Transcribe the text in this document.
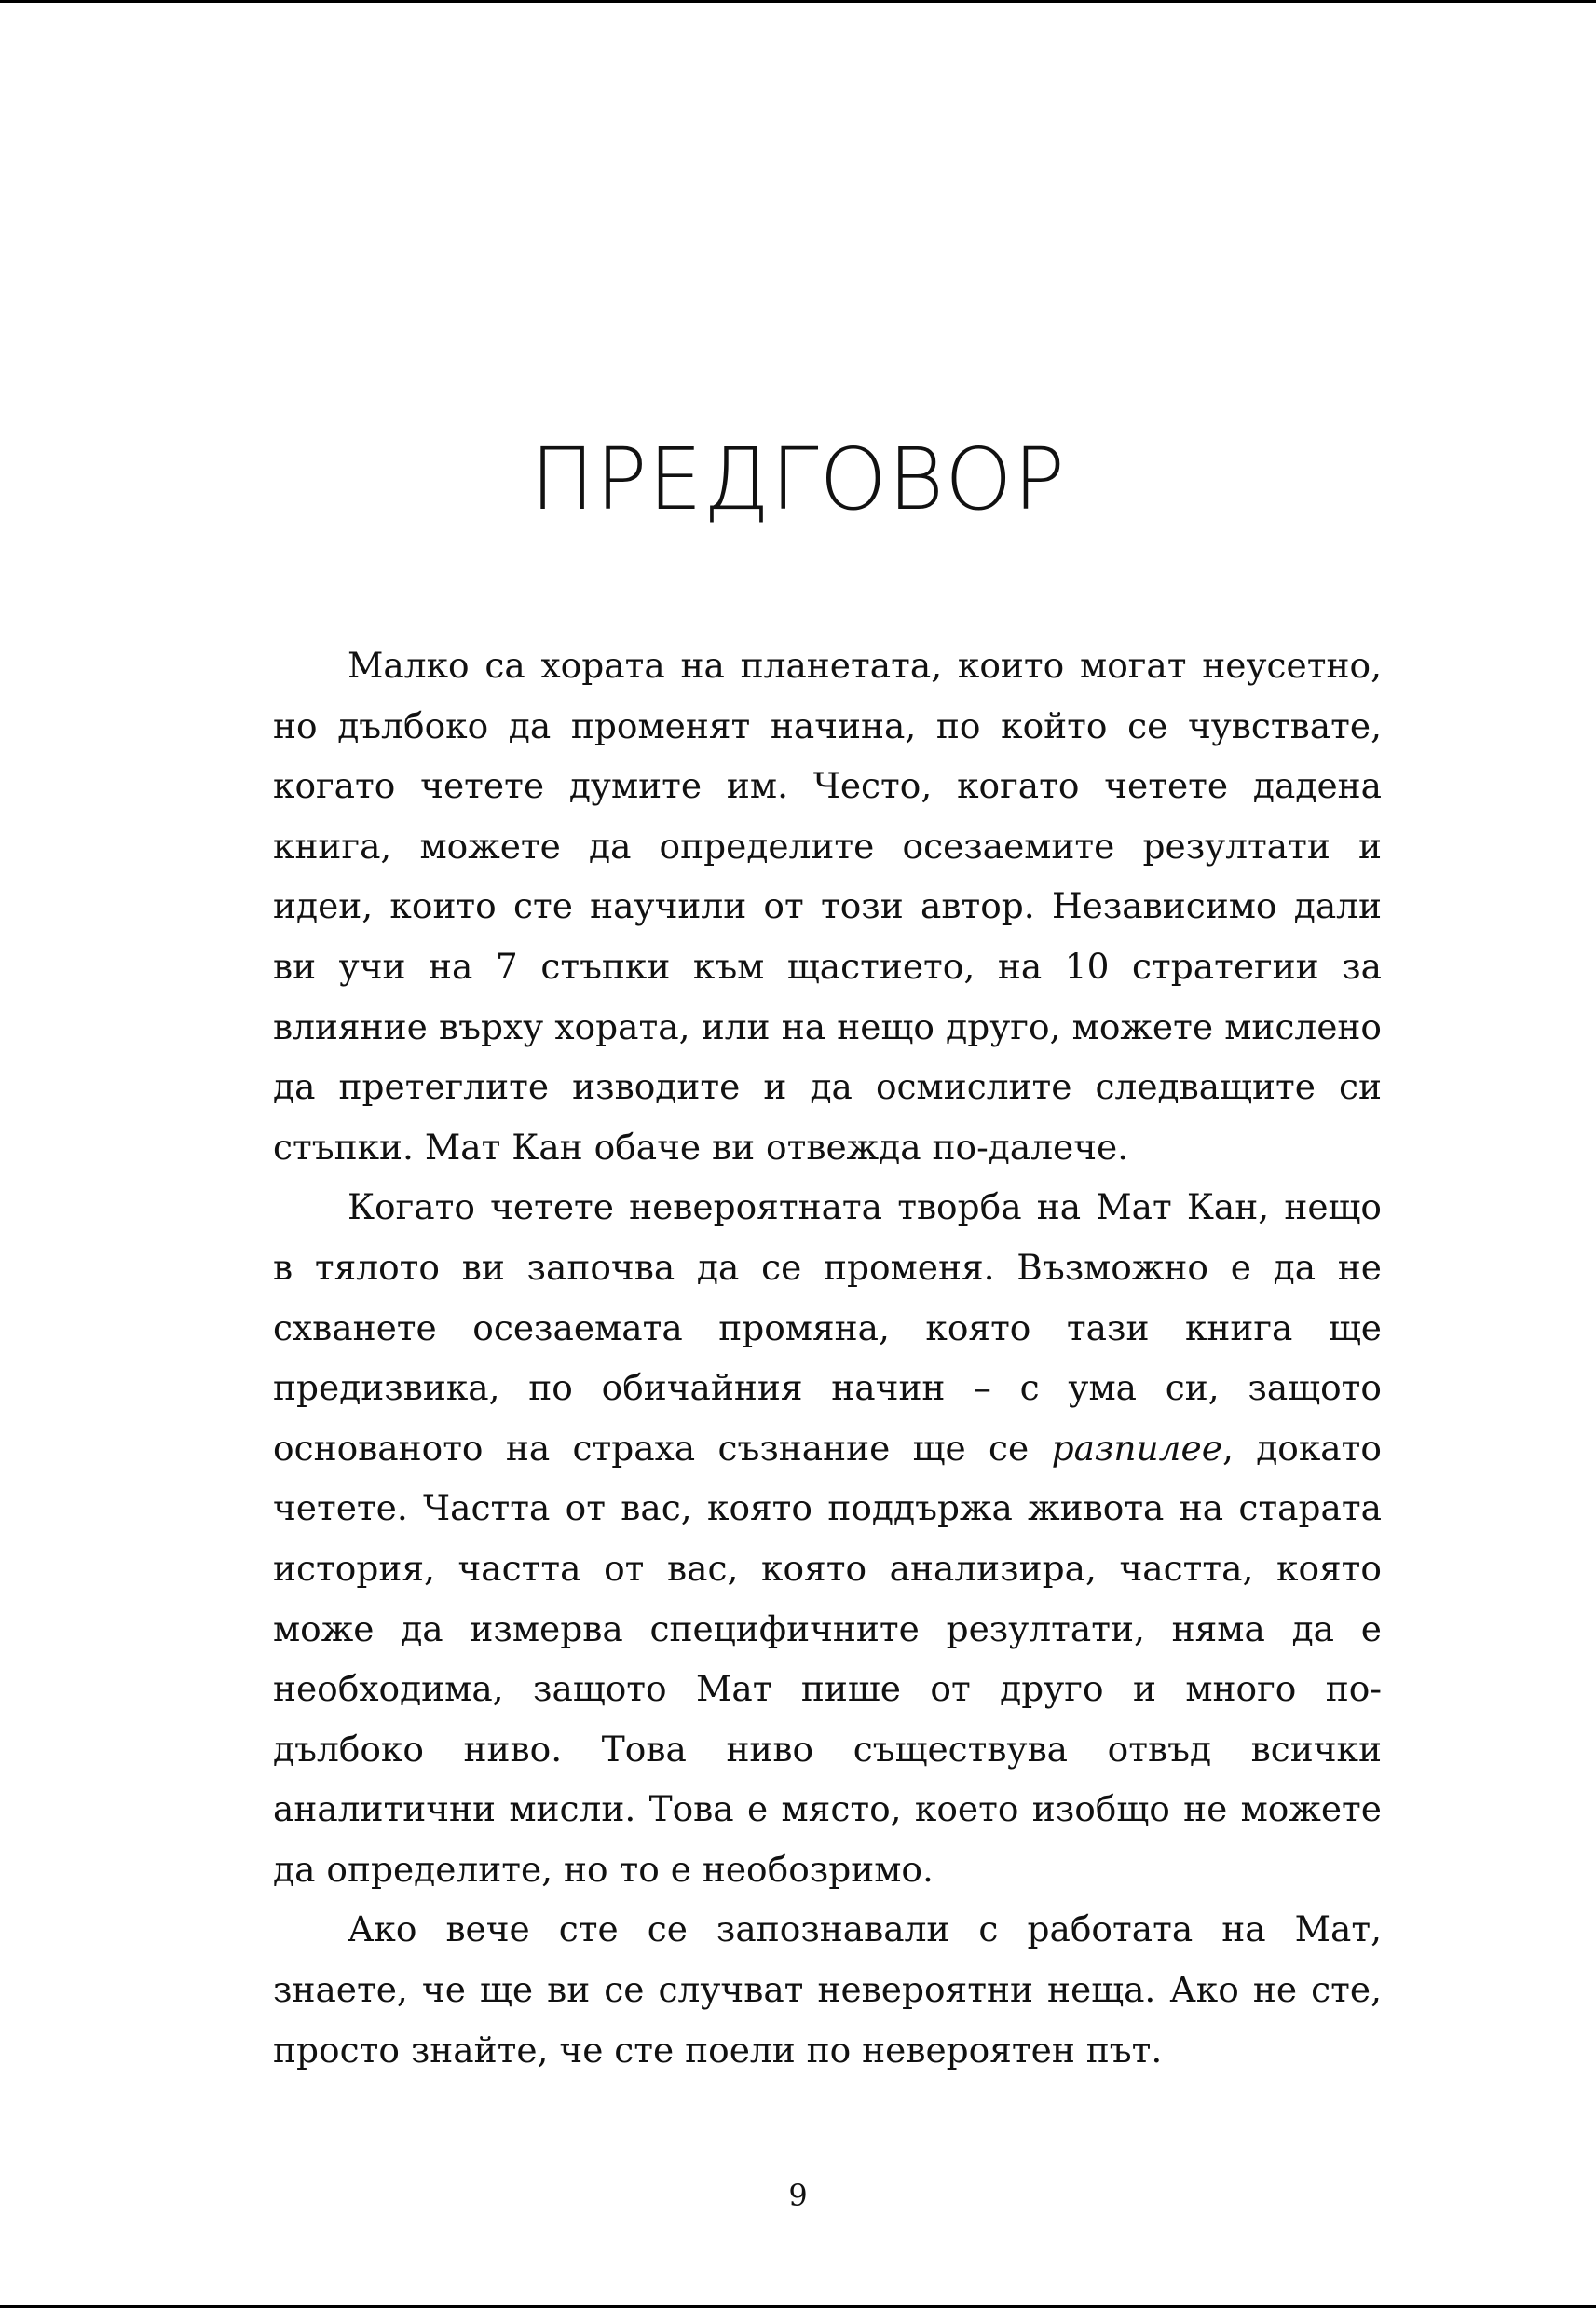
ПРЕДГОВОР

Малко са хората на планетата, които могат неусетно, но дълбоко да променят начина, по който се чувствате, когато четете думите им. Често, когато четете дадена книга, можете да определите осезаемите резултати и идеи, които сте научили от този автор. Независимо дали ви учи на 7 стъпки към щастието, на 10 стратегии за влияние върху хората, или на нещо друго, можете мислено да претеглите изводите и да осмислите следващите си стъпки. Мат Кан обаче ви отвежда по-далече.

Когато четете невероятната творба на Мат Кан, нещо в тялото ви започва да се променя. Възможно е да не схванете осезаемата промяна, която тази книга ще предизвика, по обичайния начин – с ума си, защото основаното на страха съзнание ще се разпилее, докато четете. Частта от вас, която поддържа живота на старата история, частта от вас, която анализира, частта, която може да измерва специфичните резултати, няма да е необходима, защото Мат пише от друго и много по-дълбоко ниво. Това ниво съществува отвъд всички аналитични мисли. Това е място, което изобщо не можете да определите, но то е необозримо.

Ако вече сте се запознавали с работата на Мат, знаете, че ще ви се случват невероятни неща. Ако не сте, просто знайте, че сте поели по невероятен път.

9
